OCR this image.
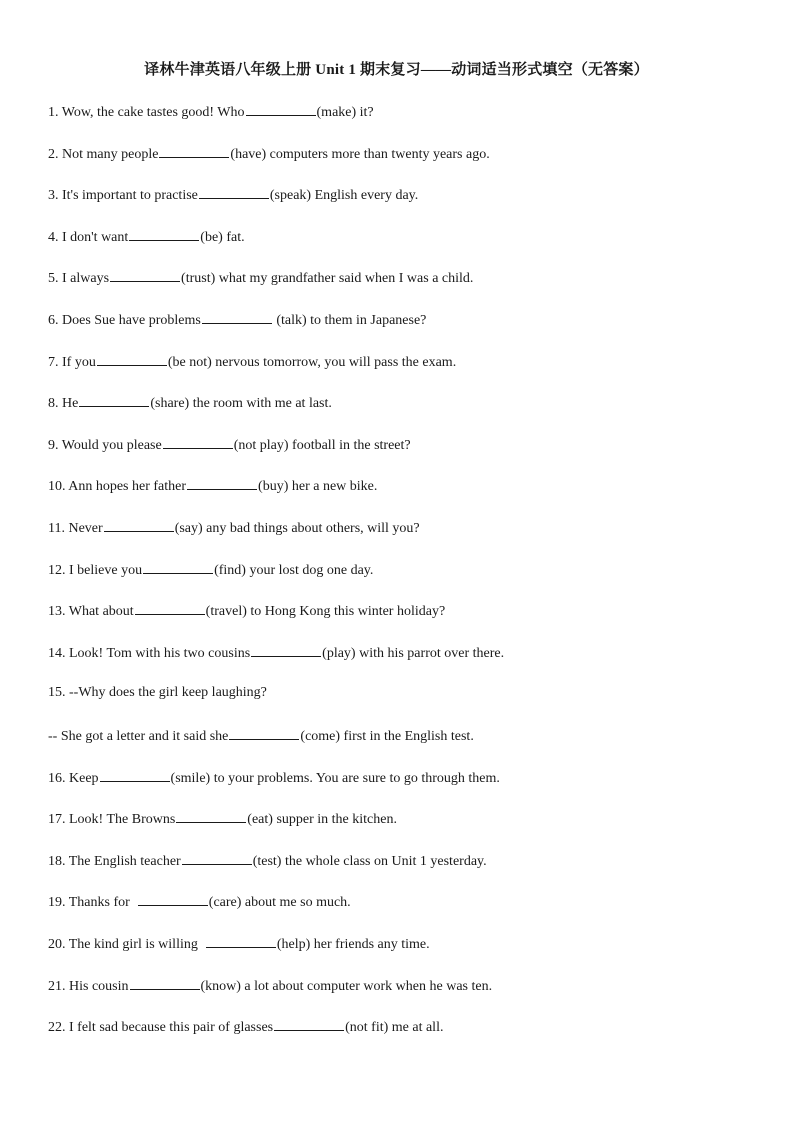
译林牛津英语八年级上册 Unit 1 期末复习——动词适当形式填空（无答案）
1. Wow, the cake tastes good! Who	(make) it?
2. Not many people	(have) computers more than twenty years ago.
3. It's important to practise	(speak) English every day.
4. I don't want	(be) fat.
5. I always	(trust) what my grandfather said when I was a child.
6. Does Sue have problems	(talk) to them in Japanese?
7. If you	(be not) nervous tomorrow, you will pass the exam.
8. He	(share) the room with me at last.
9. Would you please	(not play) football in the street?
10. Ann hopes her father	(buy) her a new bike.
11. Never	(say) any bad things about others, will you?
12. I believe you	(find) your lost dog one day.
13. What about	(travel) to Hong Kong this winter holiday?
14. Look! Tom with his two cousins	(play) with his parrot over there.
15. --Why does the girl keep laughing?
-- She got a letter and it said she	(come) first in the English test.
16. Keep	(smile) to your problems. You are sure to go through them.
17. Look! The Browns	(eat) supper in the kitchen.
18. The English teacher	(test) the whole class on Unit 1 yesterday.
19. Thanks for	(care) about me so much.
20. The kind girl is willing	(help) her friends any time.
21. His cousin	(know) a lot about computer work when he was ten.
22. I felt sad because this pair of glasses	(not fit) me at all.
